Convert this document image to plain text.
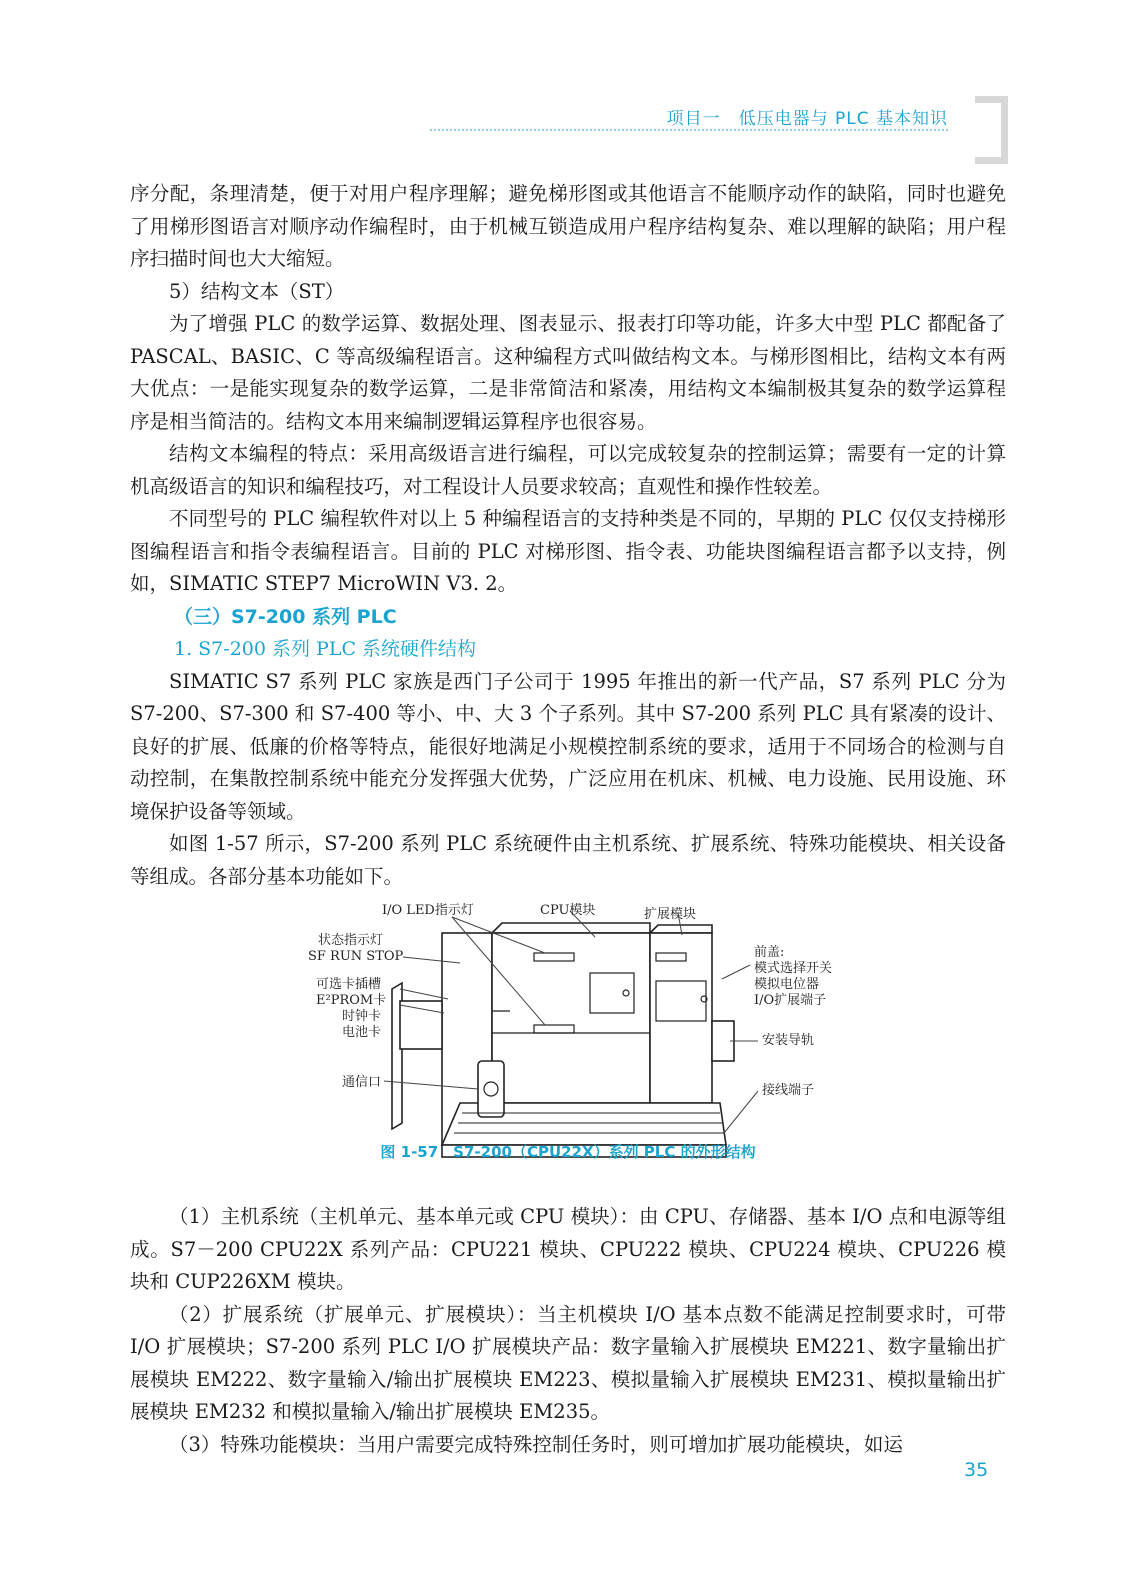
项目一　低压电器与 PLC 基本知识

序分配，条理清楚，便于对用户程序理解；避免梯形图或其他语言不能顺序动作的缺陷，同时也避免了用梯形图语言对顺序动作编程时，由于机械互锁造成用户程序结构复杂、难以理解的缺陷；用户程序扫描时间也大大缩短。

5）结构文本（ST）

为了增强 PLC 的数学运算、数据处理、图表显示、报表打印等功能，许多大中型 PLC 都配备了 PASCAL、BASIC、C 等高级编程语言。这种编程方式叫做结构文本。与梯形图相比，结构文本有两大优点：一是能实现复杂的数学运算，二是非常简洁和紧凑，用结构文本编制极其复杂的数学运算程序是相当简洁的。结构文本用来编制逻辑运算程序也很容易。

结构文本编程的特点：采用高级语言进行编程，可以完成较复杂的控制运算；需要有一定的计算机高级语言的知识和编程技巧，对工程设计人员要求较高；直观性和操作性较差。

不同型号的 PLC 编程软件对以上 5 种编程语言的支持种类是不同的，早期的 PLC 仅仅支持梯形图编程语言和指令表编程语言。目前的 PLC 对梯形图、指令表、功能块图编程语言都予以支持，例如，SIMATIC STEP7 MicroWIN V3. 2。

（三）S7-200 系列 PLC

1. S7-200 系列 PLC 系统硬件结构

SIMATIC S7 系列 PLC 家族是西门子公司于 1995 年推出的新一代产品，S7 系列 PLC 分为 S7-200、S7-300 和 S7-400 等小、中、大 3 个子系列。其中 S7-200 系列 PLC 具有紧凑的设计、良好的扩展、低廉的价格等特点，能很好地满足小规模控制系统的要求，适用于不同场合的检测与自动控制，在集散控制系统中能充分发挥强大优势，广泛应用在机床、机械、电力设施、民用设施、环境保护设备等领域。

如图 1-57 所示，S7-200 系列 PLC 系统硬件由主机系统、扩展系统、特殊功能模块、相关设备等组成。各部分基本功能如下。

I/O LED指示灯	CPU模块	扩展模块
状态指示灯
SF RUN STOP
可选卡插槽
E²PROM卡
时钟卡
电池卡
通信口
前盖:
模式选择开关
模拟电位器
I/O扩展端子
安装导轨
接线端子
图 1-57　S7-200（CPU22X）系列 PLC 的外形结构

（1）主机系统（主机单元、基本单元或 CPU 模块）：由 CPU、存储器、基本 I/O 点和电源等组成。S7－200 CPU22X 系列产品：CPU221 模块、CPU222 模块、CPU224 模块、CPU226 模块和 CUP226XM 模块。

（2）扩展系统（扩展单元、扩展模块）：当主机模块 I/O 基本点数不能满足控制要求时，可带 I/O 扩展模块；S7-200 系列 PLC I/O 扩展模块产品：数字量输入扩展模块 EM221、数字量输出扩展模块 EM222、数字量输入/输出扩展模块 EM223、模拟量输入扩展模块 EM231、模拟量输出扩展模块 EM232 和模拟量输入/输出扩展模块 EM235。

（3）特殊功能模块：当用户需要完成特殊控制任务时，则可增加扩展功能模块，如运

35
